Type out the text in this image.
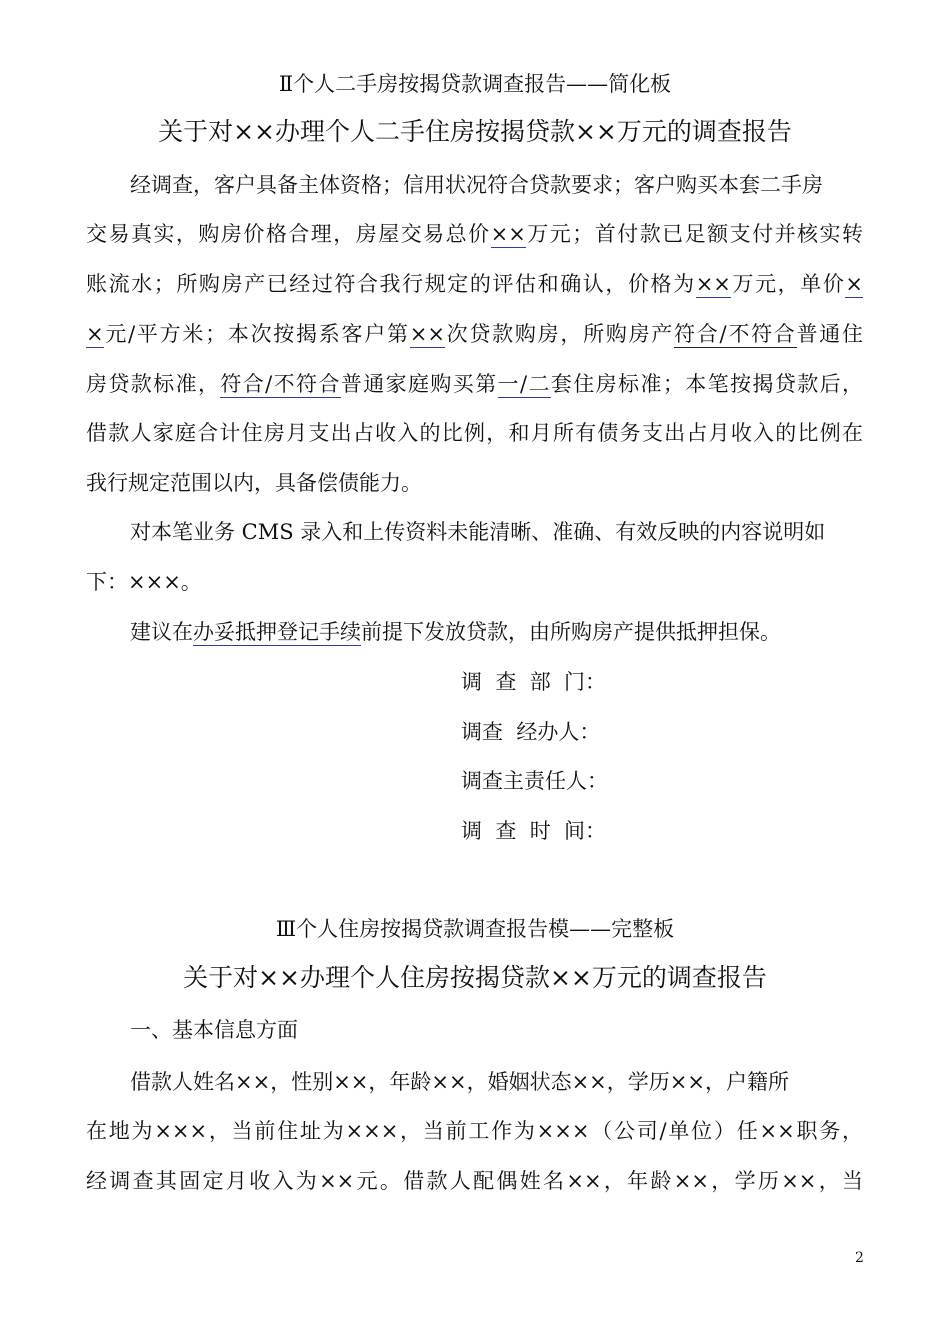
Ⅱ个人二手房按揭贷款调查报告——简化板
关于对××办理个人二手住房按揭贷款××万元的调查报告
经调查，客户具备主体资格；信用状况符合贷款要求；客户购买本套二手房
交易真实，购房价格合理，房屋交易总价××万元；首付款已足额支付并核实转
账流水；所购房产已经过符合我行规定的评估和确认，价格为××万元，单价×
×元/平方米；本次按揭系客户第××次贷款购房，所购房产符合/不符合普通住
房贷款标准，符合/不符合普通家庭购买第一/二套住房标准；本笔按揭贷款后，
借款人家庭合计住房月支出占收入的比例，和月所有债务支出占月收入的比例在
我行规定范围以内，具备偿债能力。
对本笔业务 CMS 录入和上传资料未能清晰、准确、有效反映的内容说明如
下：×××。
建议在办妥抵押登记手续前提下发放贷款，由所购房产提供抵押担保。
调  查  部  门：
调查  经办人：
调查主责任人：
调  查  时  间：
Ⅲ个人住房按揭贷款调查报告模——完整板
关于对××办理个人住房按揭贷款××万元的调查报告
一、基本信息方面
借款人姓名××，性别××，年龄××，婚姻状态××，学历××，户籍所
在地为×××，当前住址为×××，当前工作为×××（公司/单位）任××职务，
经调查其固定月收入为××元。借款人配偶姓名××，年龄××，学历××，当
2
